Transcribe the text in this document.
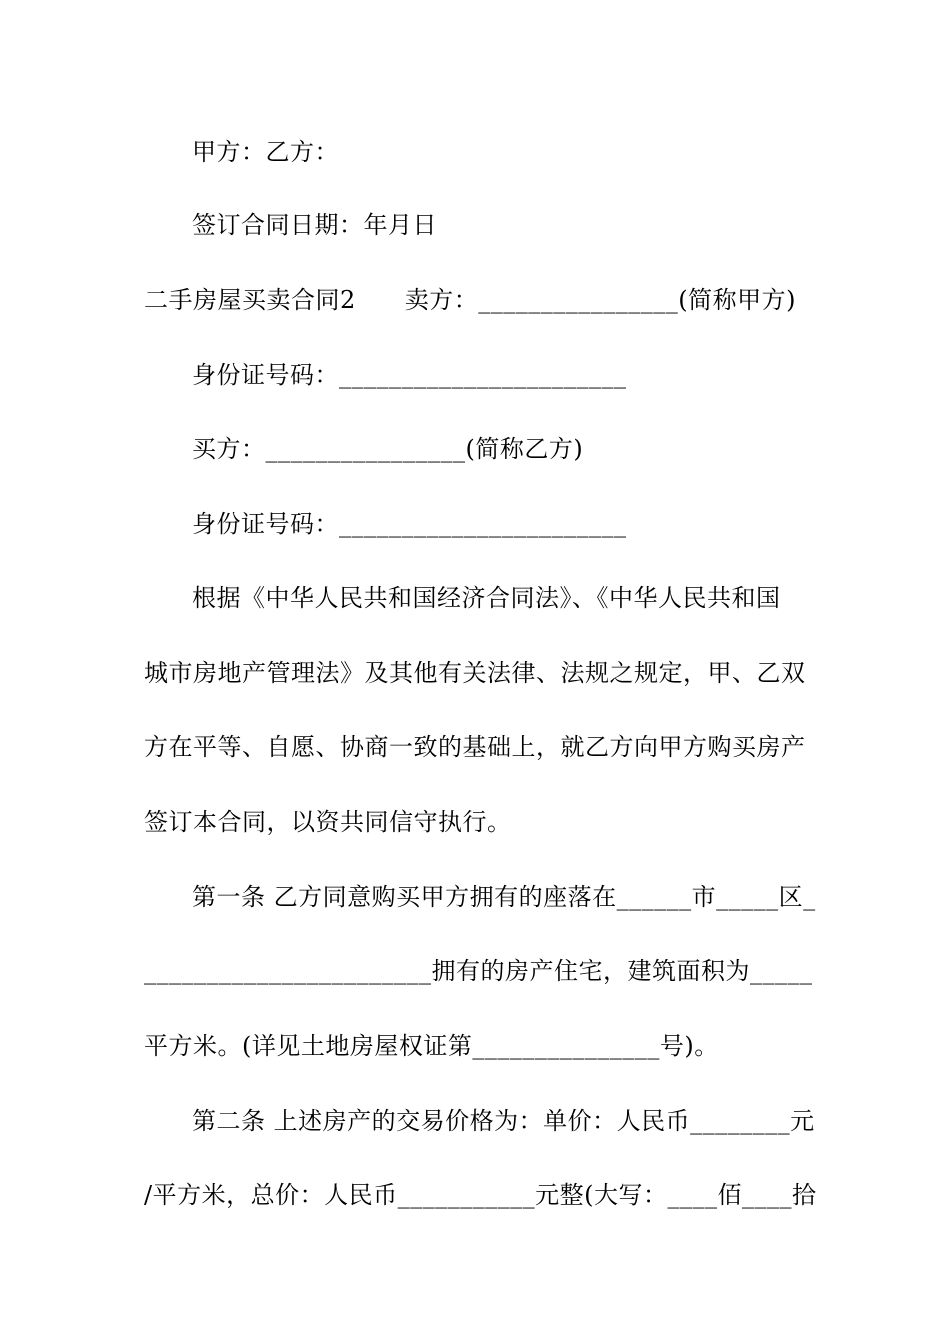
甲方：乙方：
签订合同日期：年月日
二手房屋买卖合同2　　卖方：________________(简称甲方)
身份证号码：_______________________
买方：________________(简称乙方)
身份证号码：_______________________
根据《中华人民共和国经济合同法》、《中华人民共和国
城市房地产管理法》及其他有关法律、法规之规定，甲、乙双
方在平等、自愿、协商一致的基础上，就乙方向甲方购买房产
签订本合同，以资共同信守执行。
第一条 乙方同意购买甲方拥有的座落在______市_____区_
_______________________拥有的房产住宅，建筑面积为_____
平方米。(详见土地房屋权证第_______________号)。
第二条 上述房产的交易价格为：单价：人民币________元
/平方米，总价：人民币___________元整(大写：____佰____拾
